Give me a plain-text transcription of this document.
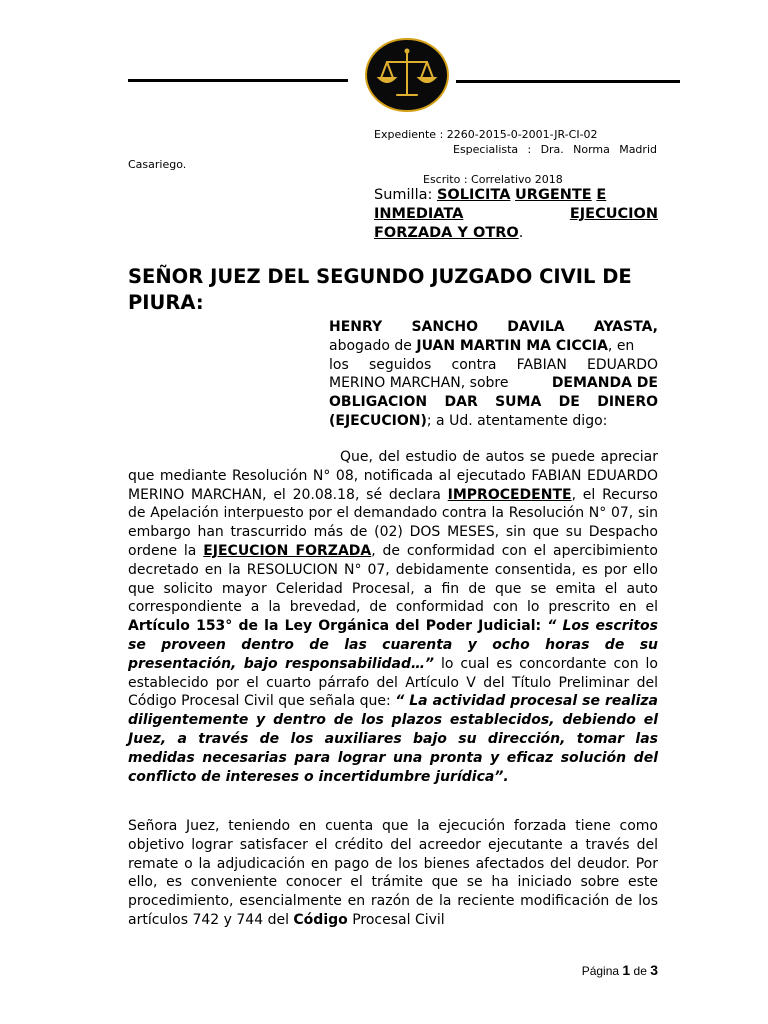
Expediente : 2260-2015-0-2001-JR-CI-02
Especialista : Dra. Norma Madrid
Casariego.
Escrito : Correlativo 2018
Sumilla: SOLICITA URGENTE E
INMEDIATA	EJECUCION
FORZADA Y OTRO.
SEÑOR JUEZ DEL SEGUNDO JUZGADO CIVIL DE PIURA:
HENRY SANCHO DAVILA AYASTA,
abogado de JUAN MARTIN MA CICCIA, en
los seguidos contra FABIAN EDUARDO
MERINO MARCHAN, sobre	DEMANDA DE
OBLIGACION DAR SUMA DE DINERO
(EJECUCION); a Ud. atentamente digo:
Que, del estudio de autos se puede apreciar que mediante Resolución N° 08, notificada al ejecutado FABIAN EDUARDO MERINO MARCHAN, el 20.08.18, sé declara IMPROCEDENTE, el Recurso de Apelación interpuesto por el demandado contra la Resolución N° 07, sin embargo han trascurrido más de (02) DOS MESES, sin que su Despacho ordene la EJECUCION FORZADA, de conformidad con el apercibimiento decretado en la RESOLUCION N° 07, debidamente consentida, es por ello que solicito mayor Celeridad Procesal, a fin de que se emita el auto correspondiente a la brevedad, de conformidad con lo prescrito en el Artículo 153° de la Ley Orgánica del Poder Judicial: “ Los escritos se proveen dentro de las cuarenta y ocho horas de su presentación, bajo responsabilidad…” lo cual es concordante con lo establecido por el cuarto párrafo del Artículo V del Título Preliminar del Código Procesal Civil que señala que: “ La actividad procesal se realiza diligentemente y dentro de los plazos establecidos, debiendo el Juez, a través de los auxiliares bajo su dirección, tomar las medidas necesarias para lograr una pronta y eficaz solución del conflicto de intereses o incertidumbre jurídica”.
Señora Juez, teniendo en cuenta que la ejecución forzada tiene como objetivo lograr satisfacer el crédito del acreedor ejecutante a través del remate o la adjudicación en pago de los bienes afectados del deudor. Por ello, es conveniente conocer el trámite que se ha iniciado sobre este procedimiento, esencialmente en razón de la reciente modificación de los artículos 742 y 744 del Código Procesal Civil
Página 1 de 3
